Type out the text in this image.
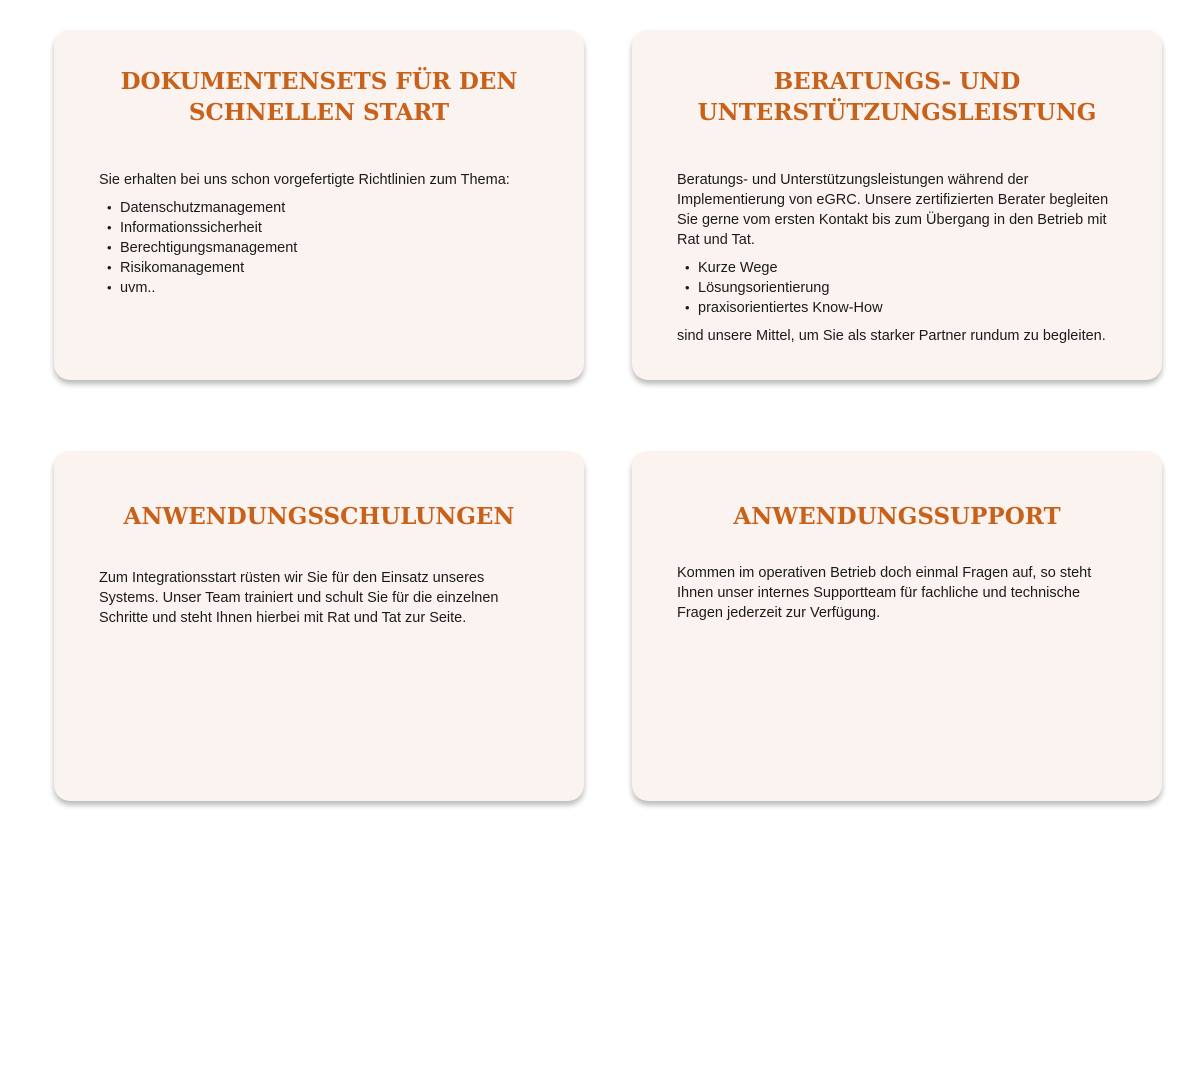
DOKUMENTENSETS FÜR DEN SCHNELLEN START

Sie erhalten bei uns schon vorgefertigte Richtlinien zum Thema:

• Datenschutzmanagement
• Informationssicherheit
• Berechtigungsmanagement
• Risikomanagement
• uvm..
BERATUNGS- UND UNTERSTÜTZUNGSLEISTUNG

Beratungs- und Unterstützungsleistungen während der Implementierung von eGRC. Unsere zertifizierten Berater begleiten Sie gerne vom ersten Kontakt bis zum Übergang in den Betrieb mit Rat und Tat.

• Kurze Wege
• Lösungsorientierung
• praxisorientiertes Know-How

sind unsere Mittel, um Sie als starker Partner rundum zu begleiten.

ANWENDUNGSSCHULUNGEN

Zum Integrationsstart rüsten wir Sie für den Einsatz unseres Systems. Unser Team trainiert und schult Sie für die einzelnen Schritte und steht Ihnen hierbei mit Rat und Tat zur Seite.

ANWENDUNGSSUPPORT

Kommen im operativen Betrieb doch einmal Fragen auf, so steht Ihnen unser internes Supportteam für fachliche und technische Fragen jederzeit zur Verfügung.
